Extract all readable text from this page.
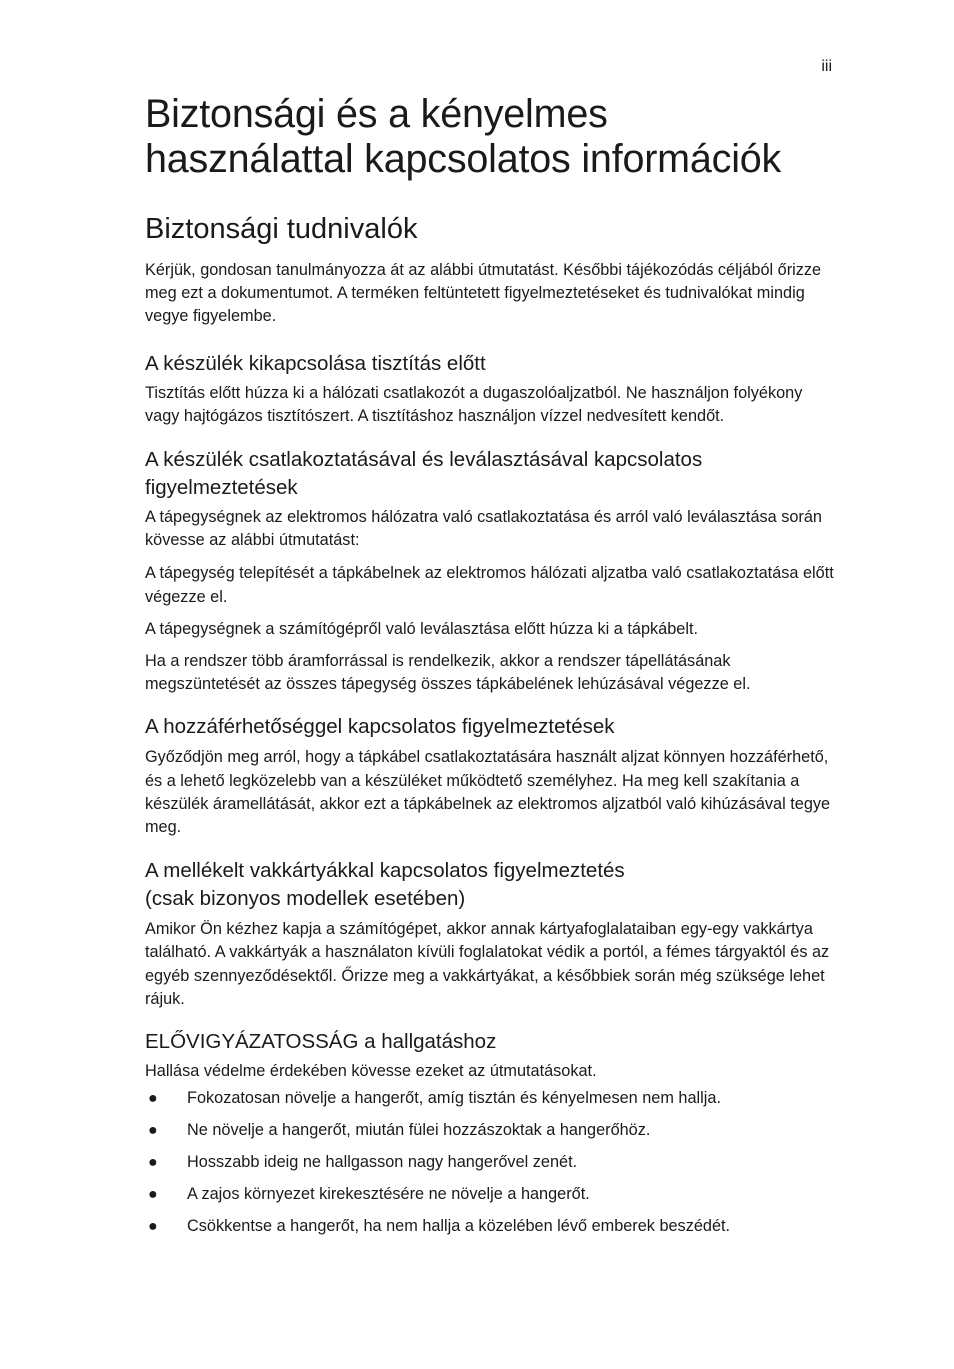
iii
Biztonsági és a kényelmes
használattal kapcsolatos információk
Biztonsági tudnivalók

Kérjük, gondosan tanulmányozza át az alábbi útmutatást. Későbbi tájékozódás céljából őrizze meg ezt a dokumentumot. A terméken feltüntetett figyelmeztetéseket és tudnivalókat mindig vegye figyelembe.

A készülék kikapcsolása tisztítás előtt

Tisztítás előtt húzza ki a hálózati csatlakozót a dugaszolóaljzatból. Ne használjon folyékony vagy hajtógázos tisztítószert. A tisztításhoz használjon vízzel nedvesített kendőt.

A készülék csatlakoztatásával és leválasztásával kapcsolatos
figyelmeztetések

A tápegységnek az elektromos hálózatra való csatlakoztatása és arról való leválasztása során kövesse az alábbi útmutatást:

A tápegység telepítését a tápkábelnek az elektromos hálózati aljzatba való csatlakoztatása előtt végezze el.

A tápegységnek a számítógépről való leválasztása előtt húzza ki a tápkábelt.

Ha a rendszer több áramforrással is rendelkezik, akkor a rendszer tápellátásának megszüntetését az összes tápegység összes tápkábelének lehúzásával végezze el.

A hozzáférhetőséggel kapcsolatos figyelmeztetések

Győződjön meg arról, hogy a tápkábel csatlakoztatására használt aljzat könnyen hozzáférhető, és a lehető legközelebb van a készüléket működtető személyhez. Ha meg kell szakítania a készülék áramellátását, akkor ezt a tápkábelnek az elektromos aljzatból való kihúzásával tegye meg.

A mellékelt vakkártyákkal kapcsolatos figyelmeztetés
(csak bizonyos modellek esetében)

Amikor Ön kézhez kapja a számítógépet, akkor annak kártyafoglalataiban egy-egy vakkártya található. A vakkártyák a használaton kívüli foglalatokat védik a portól, a fémes tárgyaktól és az egyéb szennyeződésektől. Őrizze meg a vakkártyákat, a későbbiek során még szüksége lehet rájuk.

ELŐVIGYÁZATOSSÁG a hallgatáshoz

Hallása védelme érdekében kövesse ezeket az útmutatásokat.

● Fokozatosan növelje a hangerőt, amíg tisztán és kényelmesen nem hallja.
● Ne növelje a hangerőt, miután fülei hozzászoktak a hangerőhöz.
● Hosszabb ideig ne hallgasson nagy hangerővel zenét.
● A zajos környezet kirekesztésére ne növelje a hangerőt.
● Csökkentse a hangerőt, ha nem hallja a közelében lévő emberek beszédét.
